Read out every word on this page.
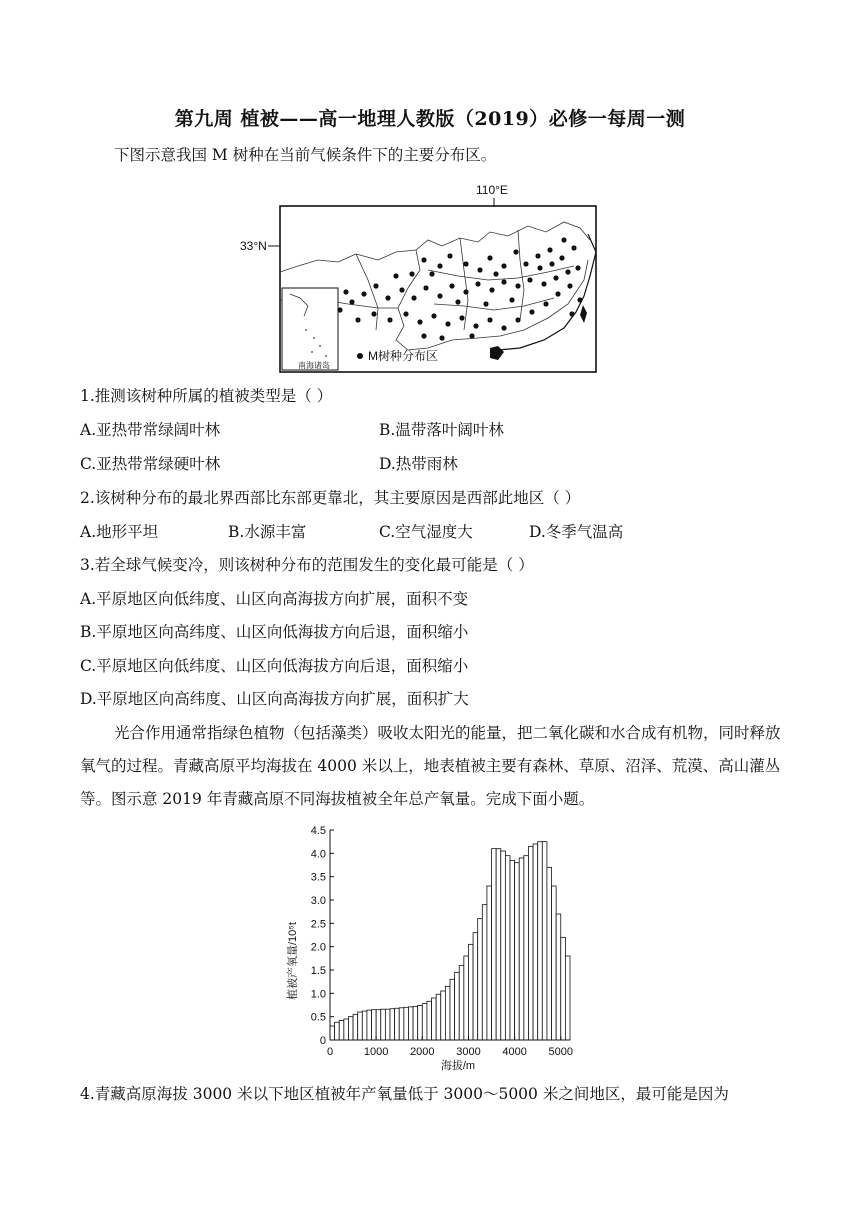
第九周 植被——高一地理人教版（2019）必修一每周一测
下图示意我国 M 树种在当前气候条件下的主要分布区。
110°E
33°N
南海诸岛
M树种分布区
1.推测该树种所属的植被类型是（ ）
A.亚热带常绿阔叶林	B.温带落叶阔叶林
C.亚热带常绿硬叶林	D.热带雨林
2.该树种分布的最北界西部比东部更靠北，其主要原因是西部此地区（ ）
A.地形平坦	B.水源丰富	C.空气湿度大	D.冬季气温高
3.若全球气候变冷，则该树种分布的范围发生的变化最可能是（ ）
A.平原地区向低纬度、山区向高海拔方向扩展，面积不变
B.平原地区向高纬度、山区向低海拔方向后退，面积缩小
C.平原地区向低纬度、山区向低海拔方向后退，面积缩小
D.平原地区向高纬度、山区向高海拔方向扩展，面积扩大
光合作用通常指绿色植物（包括藻类）吸收太阳光的能量，把二氧化碳和水合成有机物，同时释放氧气的过程。青藏高原平均海拔在 4000 米以上，地表植被主要有森林、草原、沼泽、荒漠、高山灌丛等。图示意 2019 年青藏高原不同海拔植被全年总产氧量。完成下面小题。
植被产氧量/10⁵t
海拔/m
0
0.5
1.0
1.5
2.0
2.5
3.0
3.5
4.0
4.5
0	1000 2000 3000 4000 5000
4.青藏高原海拔 3000 米以下地区植被年产氧量低于 3000～5000 米之间地区，最可能是因为
